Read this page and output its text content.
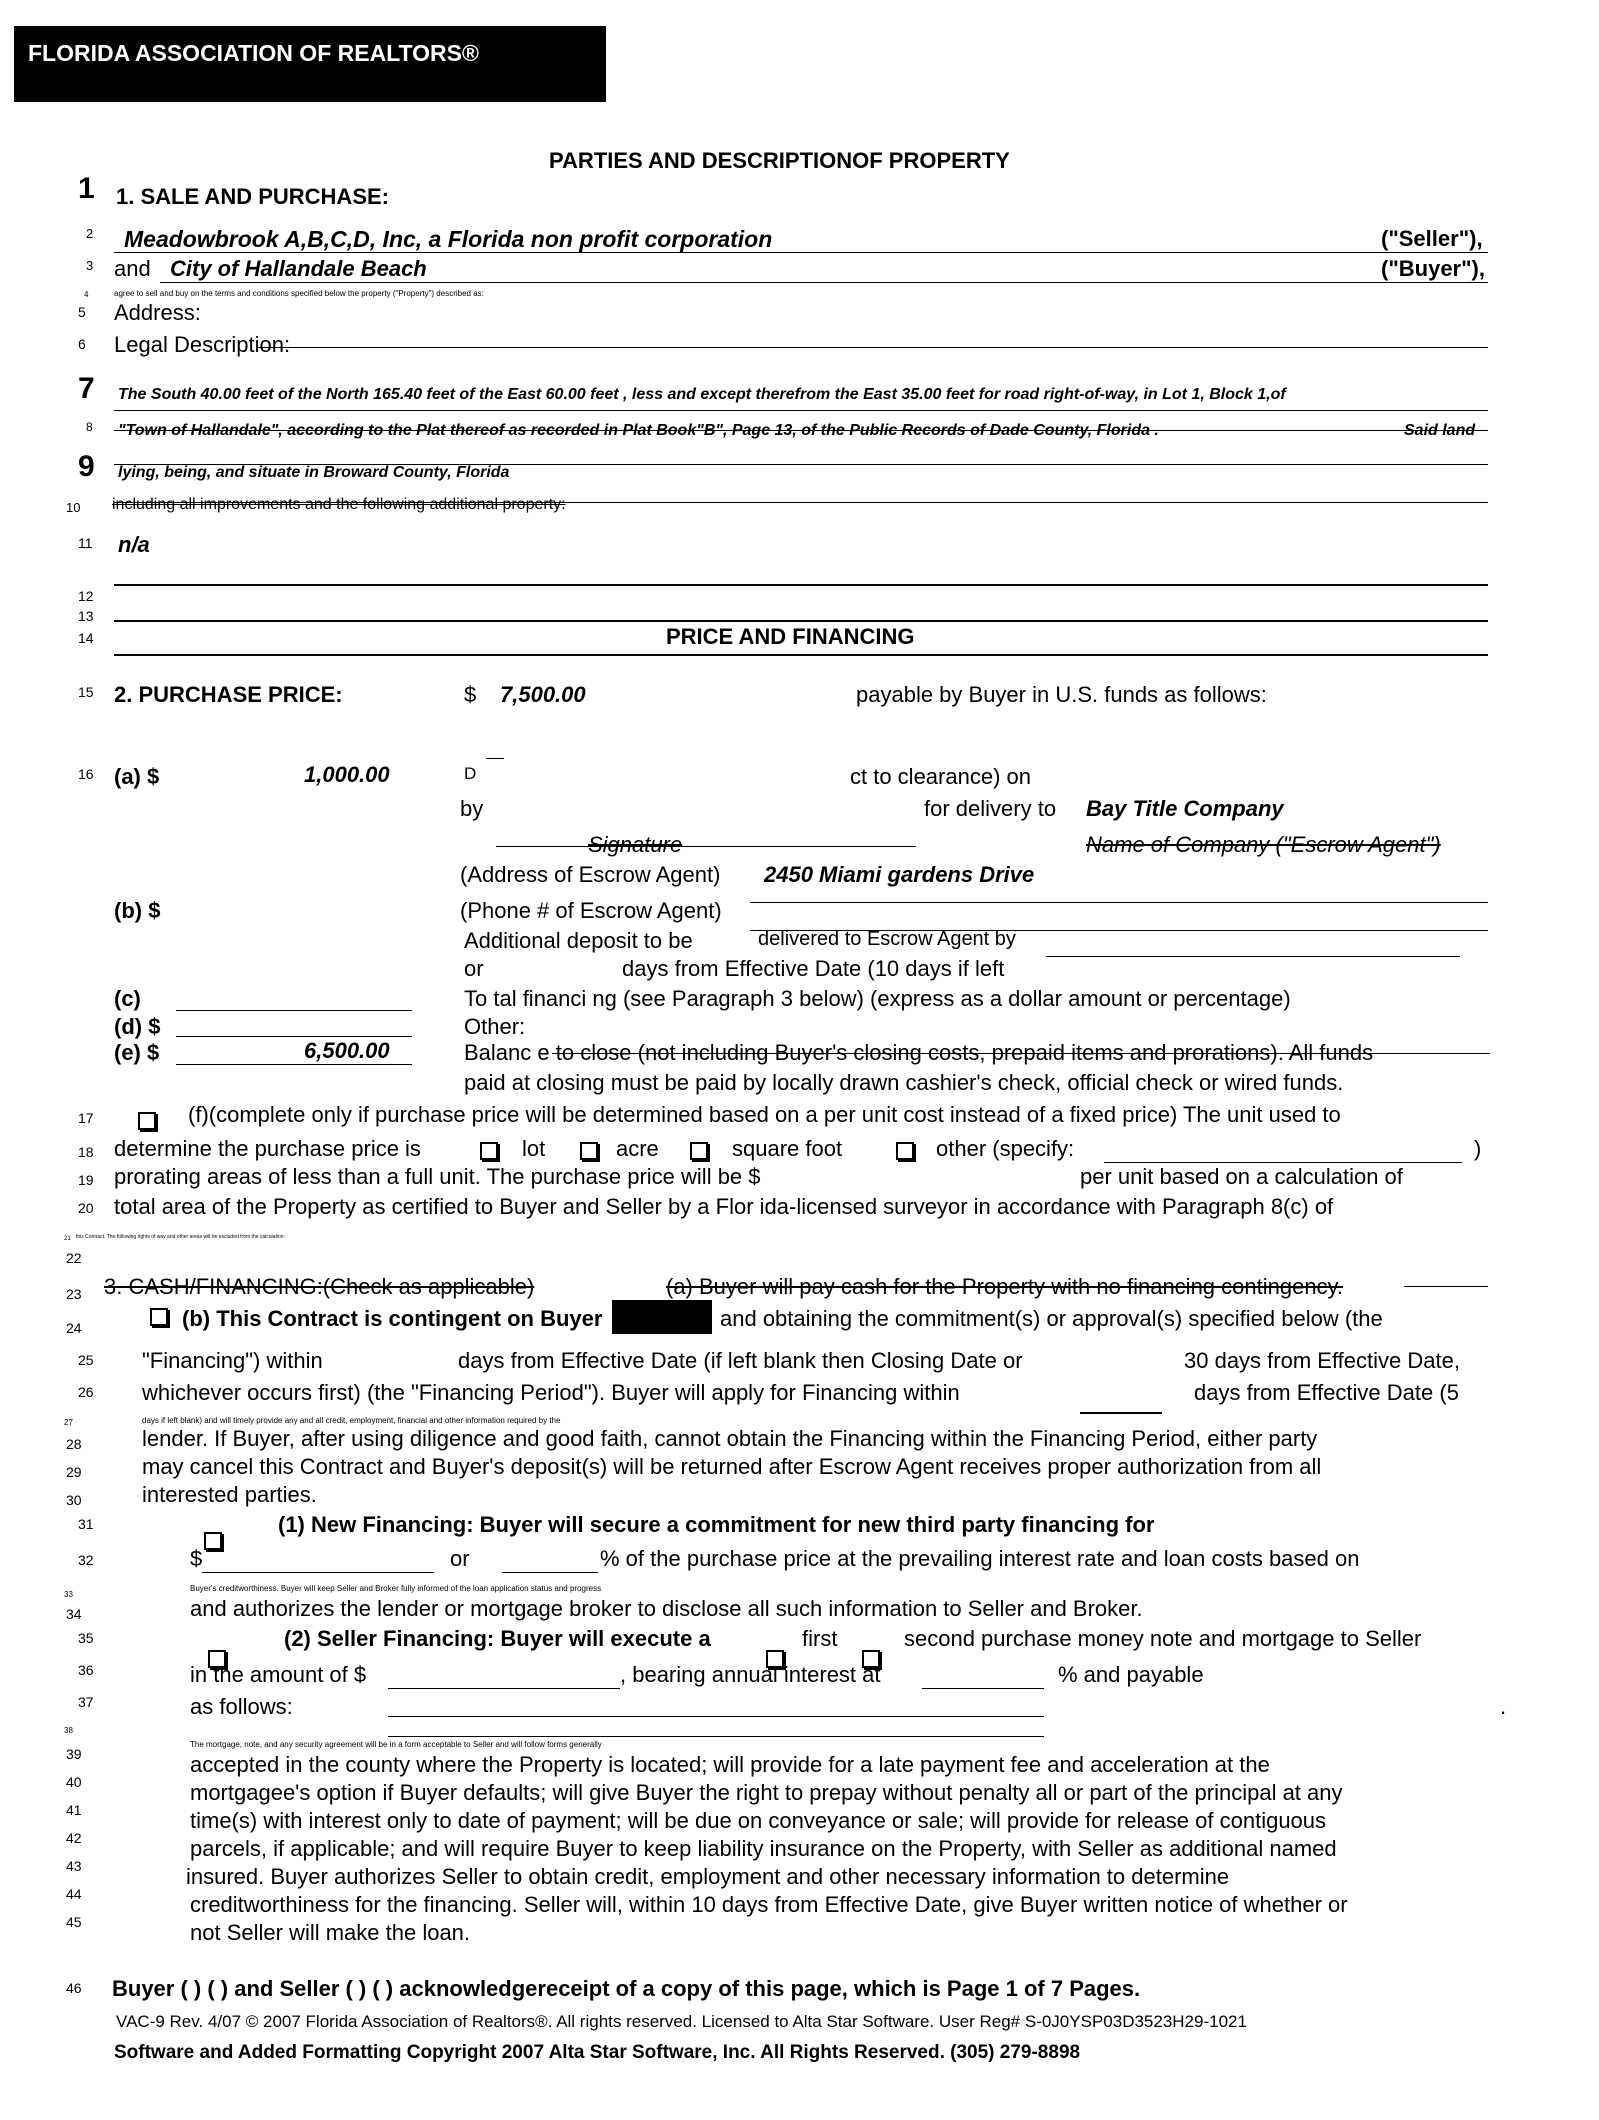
FLORIDA ASSOCIATION OF REALTORS®
PARTIES AND DESCRIPTIONOF PROPERTY
1
2
3
4
5
6
7
8
9
10
11
12
13
14
15
16
17
18
19
20
21
22
23
24
25
26
27
28
29
30
31
32
33
34
35
36
37
38
39
40
41
42
43
44
45
46
1. SALE AND PURCHASE:
Meadowbrook A,B,C,D, Inc, a Florida non profit corporation	("Seller"),
and City of Hallandale Beach	("Buyer"),
agree to sell and buy on the terms and conditions specified below the property ("Property") described as:
Address:
Legal Description:
The South 40.00 feet of the North 165.40 feet of the East 60.00 feet , less and except therefrom the East 35.00 feet for road right-of-way, in Lot 1, Block 1,of
"Town of Hallandale", according to the Plat thereof as recorded in Plat Book"B", Page 13, of the Public Records of Dade County, Florida .	Said land
lying, being, and situate in Broward County, Florida
including all improvements and the following additional property:
n/a
PRICE AND FINANCING
2. PURCHASE PRICE:	$ 7,500.00	payable by Buyer in U.S. funds as follows:
(a) $	1,000.00	D	ct to clearance) on
by	for delivery to Bay Title Company
Signature	Name of Company ("Escrow Agent")
(Address of Escrow Agent) 2450 Miami gardens Drive
(b) $	(Phone # of Escrow Agent)
Additional deposit to be	delivered to Escrow Agent by
or	days from Effective Date (10 days if left
(c)	To tal financi ng (see Paragraph 3 below) (express as a dollar amount or percentage)
(d) $	Other:
(e) $	6,500.00	Balanc e to close (not including Buyer's closing costs, prepaid items and prorations). All funds
paid at closing must be paid by locally drawn cashier's check, official check or wired funds.
(f)(complete only if purchase price will be determined based on a per unit cost instead of a fixed price) The unit used to
determine the purchase price is	lot	acre	square foot	other (specify:	)
prorating areas of less than a full unit. The purchase price will be $	per unit based on a calculation of
total area of the Property as certified to Buyer and Seller by a Flor ida-licensed surveyor in accordance with Paragraph 8(c) of
this Contract. The following rights of way and other areas will be excluded from the calculation:
3. CASH/FINANCING:(Check as applicable)	(a) Buyer will pay cash for the Property with no financing contingency.
(b) This Contract is contingent on Buyer	and obtaining the commitment(s) or approval(s) specified below (the
"Financing") within	days from Effective Date (if left blank then Closing Date or	30 days from Effective Date,
whichever occurs first) (the "Financing Period"). Buyer will apply for Financing within	days from Effective Date (5
days if left blank) and will timely provide any and all credit, employment, financial and other information required by the
lender. If Buyer, after using diligence and good faith, cannot obtain the Financing within the Financing Period, either party
may cancel this Contract and Buyer's deposit(s) will be returned after Escrow Agent receives proper authorization from all
interested parties.
(1) New Financing: Buyer will secure a commitment for new third party financing for
$	or	% of the purchase price at the prevailing interest rate and loan costs based on
Buyer's creditworthiness. Buyer will keep Seller and Broker fully informed of the loan application status and progress
and authorizes the lender or mortgage broker to disclose all such information to Seller and Broker.
(2) Seller Financing: Buyer will execute a	first	second purchase money note and mortgage to Seller
in the amount of $	, bearing annual interest at	% and payable
as follows:	.
The mortgage, note, and any security agreement will be in a form acceptable to Seller and will follow forms generally
accepted in the county where the Property is located; will provide for a late payment fee and acceleration at the
mortgagee's option if Buyer defaults; will give Buyer the right to prepay without penalty all or part of the principal at any
time(s) with interest only to date of payment; will be due on conveyance or sale; will provide for release of contiguous
parcels, if applicable; and will require Buyer to keep liability insurance on the Property, with Seller as additional named
insured. Buyer authorizes Seller to obtain credit, employment and other necessary information to determine
creditworthiness for the financing. Seller will, within 10 days from Effective Date, give Buyer written notice of whether or
not Seller will make the loan.
Buyer ( ) ( ) and Seller ( ) ( ) acknowledgereceipt of a copy of this page, which is Page 1 of 7 Pages.
VAC-9 Rev. 4/07 © 2007 Florida Association of Realtors®. All rights reserved. Licensed to Alta Star Software. User Reg# S-0J0YSP03D3523H29-1021
Software and Added Formatting Copyright 2007 Alta Star Software, Inc. All Rights Reserved. (305) 279-8898
